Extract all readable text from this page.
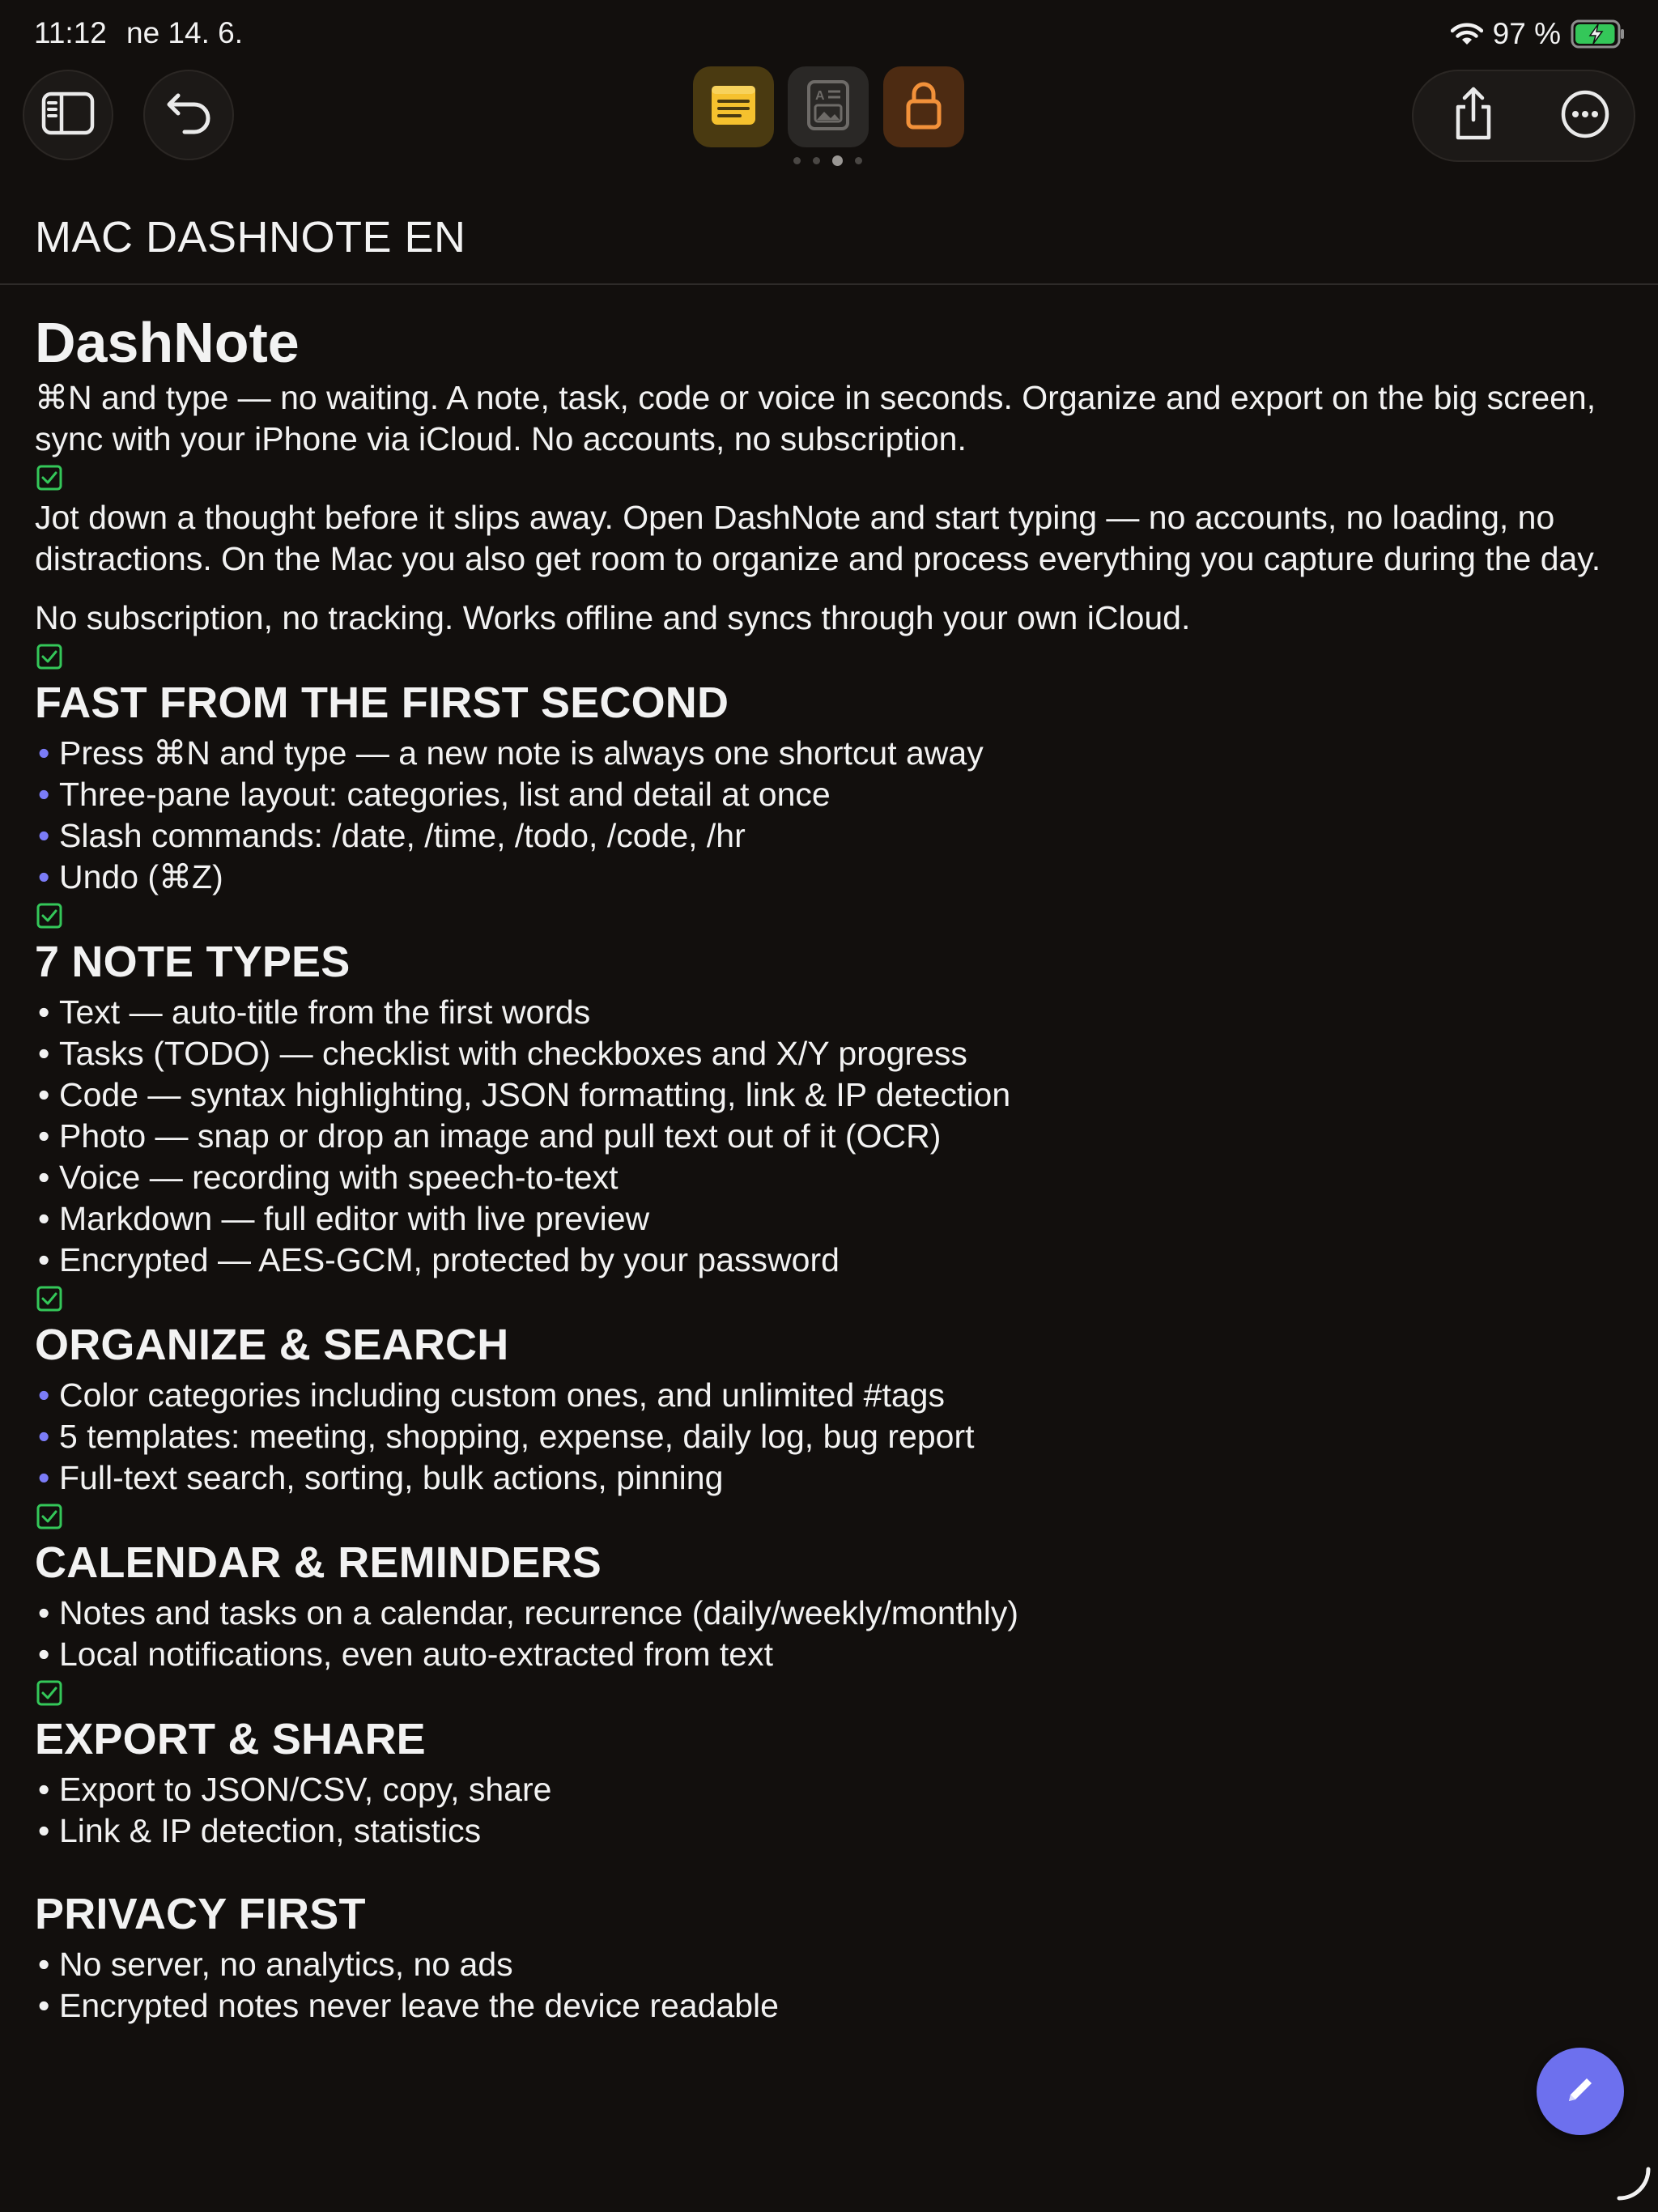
11:12 ne 14. 6.	97 %
A
MAC DASHNOTE EN
DashNote

⌘N and type — no waiting. A note, task, code or voice in seconds. Organize and export on the big screen, sync with your iPhone via iCloud. No accounts, no subscription.

Jot down a thought before it slips away. Open DashNote and start typing — no accounts, no loading, no distractions. On the Mac you also get room to organize and process everything you capture during the day.

No subscription, no tracking. Works offline and syncs through your own iCloud.

FAST FROM THE FIRST SECOND
• Press ⌘N and type — a new note is always one shortcut away
• Three-pane layout: categories, list and detail at once
• Slash commands: /date, /time, /todo, /code, /hr
• Undo (⌘Z)
7 NOTE TYPES
• Text — auto-title from the first words
• Tasks (TODO) — checklist with checkboxes and X/Y progress
• Code — syntax highlighting, JSON formatting, link & IP detection
• Photo — snap or drop an image and pull text out of it (OCR)
• Voice — recording with speech-to-text
• Markdown — full editor with live preview
• Encrypted — AES-GCM, protected by your password
ORGANIZE & SEARCH
• Color categories including custom ones, and unlimited #tags
• 5 templates: meeting, shopping, expense, daily log, bug report
• Full-text search, sorting, bulk actions, pinning
CALENDAR & REMINDERS
• Notes and tasks on a calendar, recurrence (daily/weekly/monthly)
• Local notifications, even auto-extracted from text
EXPORT & SHARE
• Export to JSON/CSV, copy, share
• Link & IP detection, statistics
PRIVACY FIRST
• No server, no analytics, no ads
• Encrypted notes never leave the device readable
